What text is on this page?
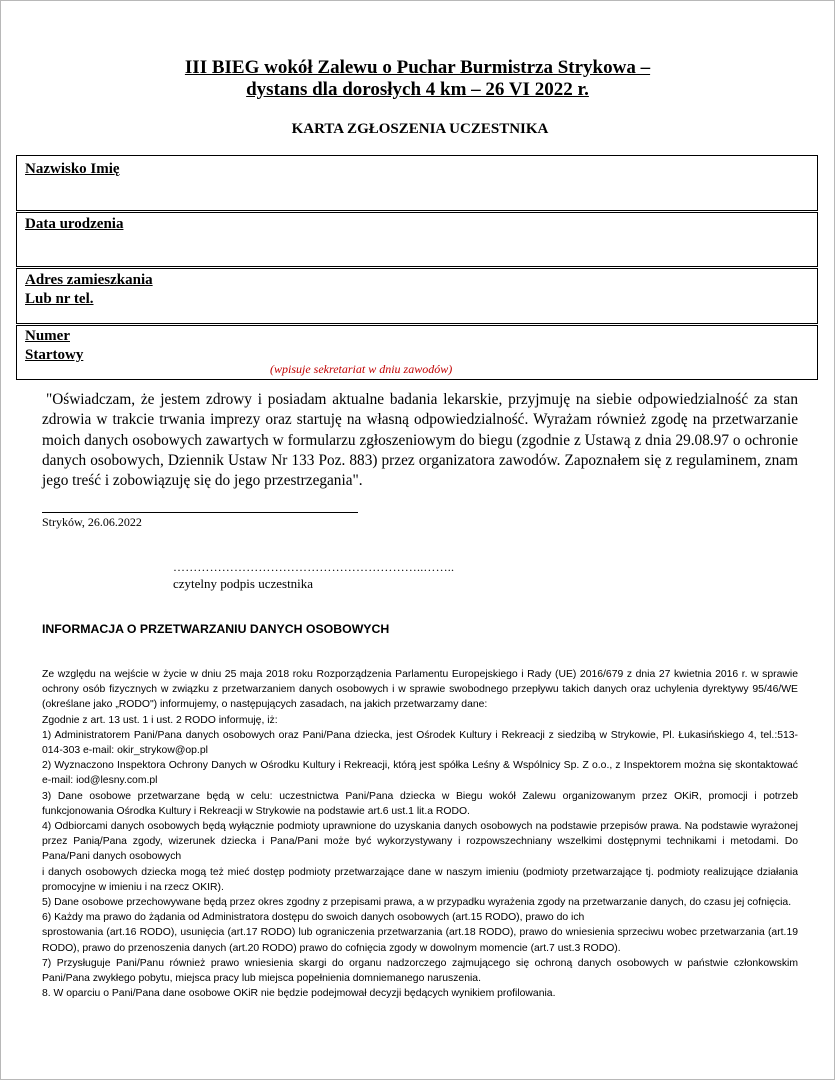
III BIEG wokół Zalewu o Puchar Burmistrza Strykowa –
dystans dla dorosłych 4 km – 26 VI 2022 r.
KARTA ZGŁOSZENIA UCZESTNIKA
Nazwisko Imię
Data urodzenia
Adres zamieszkania
Lub nr tel.
Numer
Startowy
(wpisuje sekretariat w dniu zawodów)
"Oświadczam, że jestem zdrowy i posiadam aktualne badania lekarskie, przyjmuję na siebie odpowiedzialność za stan zdrowia w trakcie trwania imprezy oraz startuję na własną odpowiedzialność. Wyrażam również zgodę na przetwarzanie moich danych osobowych zawartych w formularzu zgłoszeniowym do biegu (zgodnie z Ustawą z dnia 29.08.97 o ochronie danych osobowych, Dziennik Ustaw Nr 133 Poz. 883) przez organizatora zawodów. Zapoznałem się z regulaminem, znam jego treść i zobowiązuję się do jego przestrzegania".
Stryków, 26.06.2022
……………………………………………………..……..
czytelny podpis uczestnika
INFORMACJA O PRZETWARZANIU DANYCH OSOBOWYCH

Ze względu na wejście w życie w dniu 25 maja 2018 roku Rozporządzenia Parlamentu Europejskiego i Rady (UE) 2016/679 z dnia 27 kwietnia 2016 r. w sprawie ochrony osób fizycznych w związku z przetwarzaniem danych osobowych i w sprawie swobodnego przepływu takich danych oraz uchylenia dyrektywy 95/46/WE (określane jako „RODO") informujemy, o następujących zasadach, na jakich przetwarzamy dane:

Zgodnie z art. 13 ust. 1 i ust. 2 RODO informuję, iż:

1) Administratorem Pani/Pana danych osobowych oraz Pani/Pana dziecka, jest Ośrodek Kultury i Rekreacji z siedzibą w Strykowie, Pl. Łukasińskiego 4, tel.:513-014-303 e-mail: okir_strykow@op.pl

2) Wyznaczono Inspektora Ochrony Danych w Ośrodku Kultury i Rekreacji, którą jest spółka Leśny & Wspólnicy Sp. Z o.o., z Inspektorem można się skontaktować e-mail: iod@lesny.com.pl

3) Dane osobowe przetwarzane będą w celu: uczestnictwa Pani/Pana dziecka w Biegu wokół Zalewu organizowanym przez OKiR, promocji i potrzeb funkcjonowania Ośrodka Kultury i Rekreacji w Strykowie na podstawie art.6 ust.1 lit.a RODO.

4) Odbiorcami danych osobowych będą wyłącznie podmioty uprawnione do uzyskania danych osobowych na podstawie przepisów prawa. Na podstawie wyrażonej przez Panią/Pana zgody, wizerunek dziecka i Pana/Pani może być wykorzystywany i rozpowszechniany wszelkimi dostępnymi technikami i metodami. Do Pana/Pani danych osobowych

i danych osobowych dziecka mogą też mieć dostęp podmioty przetwarzające dane w naszym imieniu (podmioty przetwarzające tj. podmioty realizujące działania promocyjne w imieniu i na rzecz OKIR).

5) Dane osobowe przechowywane będą przez okres zgodny z przepisami prawa, a w przypadku wyrażenia zgody na przetwarzanie danych, do czasu jej cofnięcia.

6) Każdy ma prawo do żądania od Administratora dostępu do swoich danych osobowych (art.15 RODO), prawo do ich

sprostowania (art.16 RODO), usunięcia (art.17 RODO) lub ograniczenia przetwarzania (art.18 RODO), prawo do wniesienia sprzeciwu wobec przetwarzania (art.19 RODO), prawo do przenoszenia danych (art.20 RODO) prawo do cofnięcia zgody w dowolnym momencie (art.7 ust.3 RODO).

7) Przysługuje Pani/Panu również prawo wniesienia skargi do organu nadzorczego zajmującego się ochroną danych osobowych w państwie członkowskim Pani/Pana zwykłego pobytu, miejsca pracy lub miejsca popełnienia domniemanego naruszenia.

8. W oparciu o Pani/Pana dane osobowe OKiR nie będzie podejmował decyzji będących wynikiem profilowania.
